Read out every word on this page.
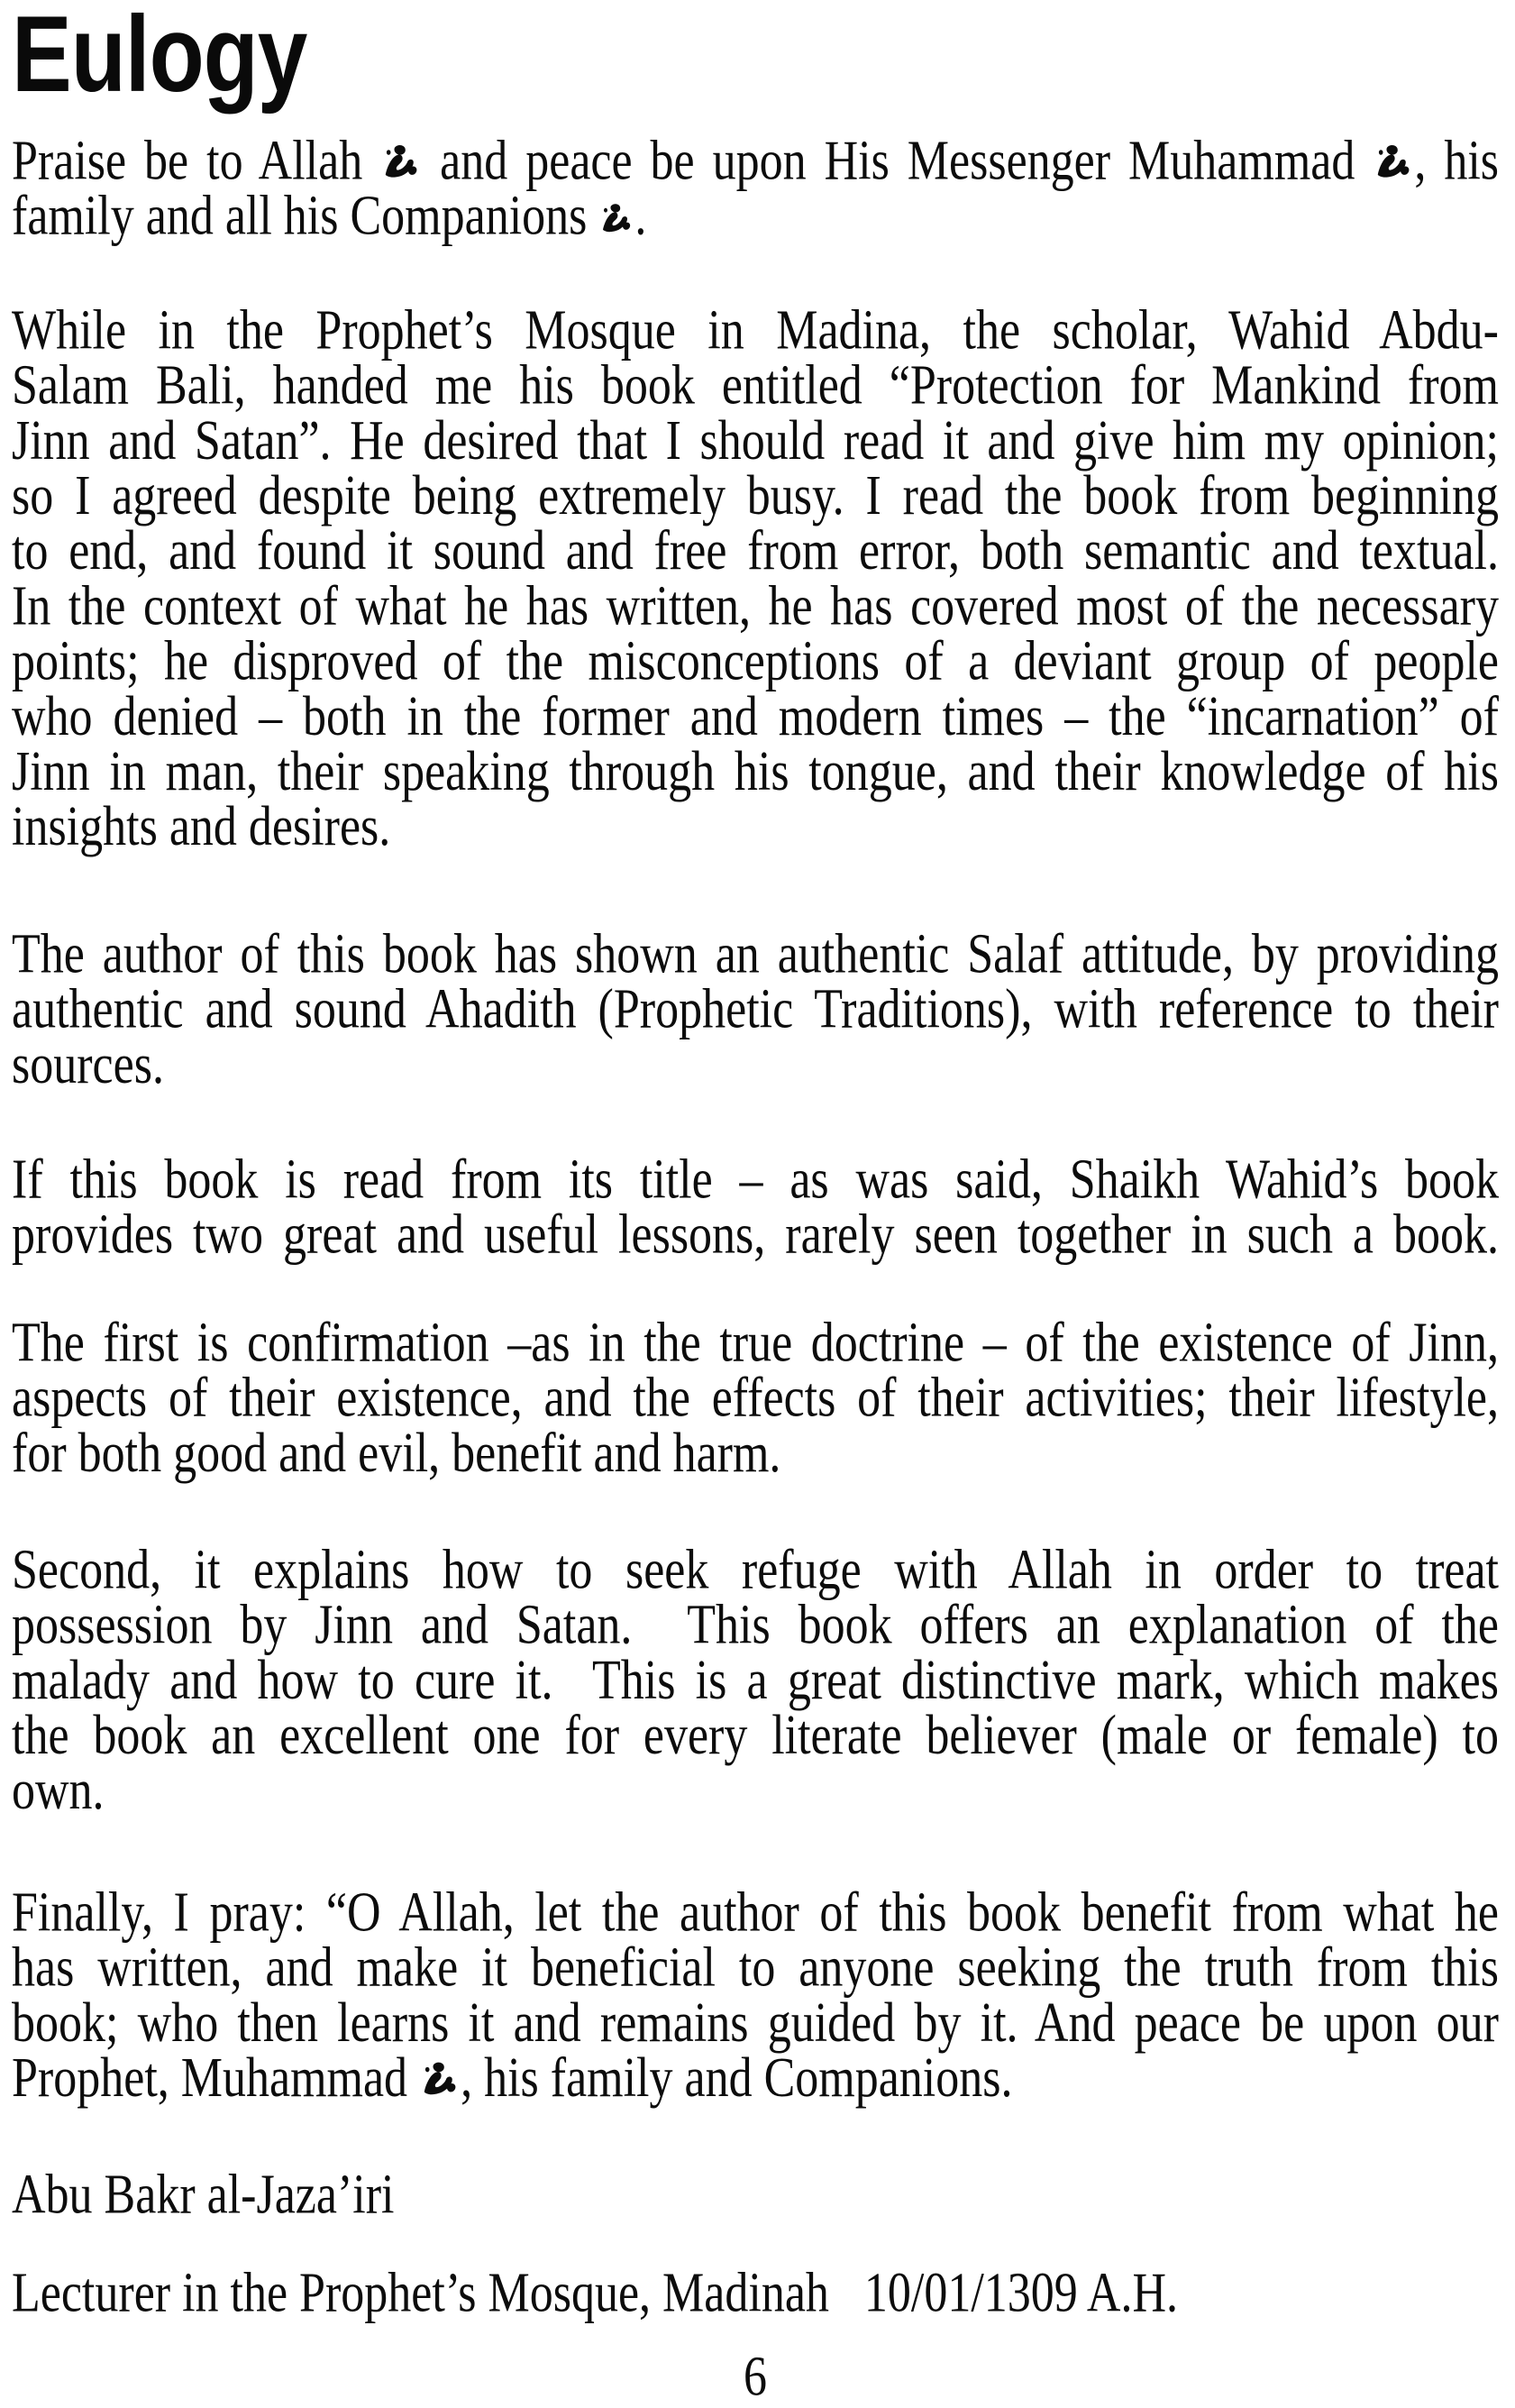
Eulogy
Praise be to Allah
and peace be upon His Messenger Muhammad
, his
family and all his Companions
.
While in the Prophet’s Mosque in Madina, the scholar, Wahid Abdu-
Salam Bali, handed me his book entitled “Protection for Mankind from
Jinn and Satan”. He desired that I should read it and give him my opinion;
so I agreed despite being extremely busy. I read the book from beginning
to end, and found it sound and free from error, both semantic and textual.
In the context of what he has written, he has covered most of the necessary
points; he disproved of the misconceptions of a deviant group of people
who denied – both in the former and modern times – the “incarnation” of
Jinn in man, their speaking through his tongue, and their knowledge of his
insights and desires.
The author of this book has shown an authentic Salaf attitude, by providing
authentic and sound Ahadith (Prophetic Traditions), with reference to their
sources.
If this book is read from its title – as was said, Shaikh Wahid’s book
provides two great and useful lessons, rarely seen together in such a book.
The first is confirmation –as in the true doctrine – of the existence of Jinn,
aspects of their existence, and the effects of their activities; their lifestyle,
for both good and evil, benefit and harm.
Second, it explains how to seek refuge with Allah in order to treat
possession by Jinn and Satan.  This book offers an explanation of the
malady and how to cure it.  This is a great distinctive mark, which makes
the book an excellent one for every literate believer (male or female) to
own.
Finally, I pray: “O Allah, let the author of this book benefit from what he
has written, and make it beneficial to anyone seeking the truth from this
book; who then learns it and remains guided by it. And peace be upon our
Prophet, Muhammad
, his family and Companions.
Abu Bakr al-Jaza’iri
Lecturer in the Prophet’s Mosque, Madinah   10/01/1309 A.H.
6
